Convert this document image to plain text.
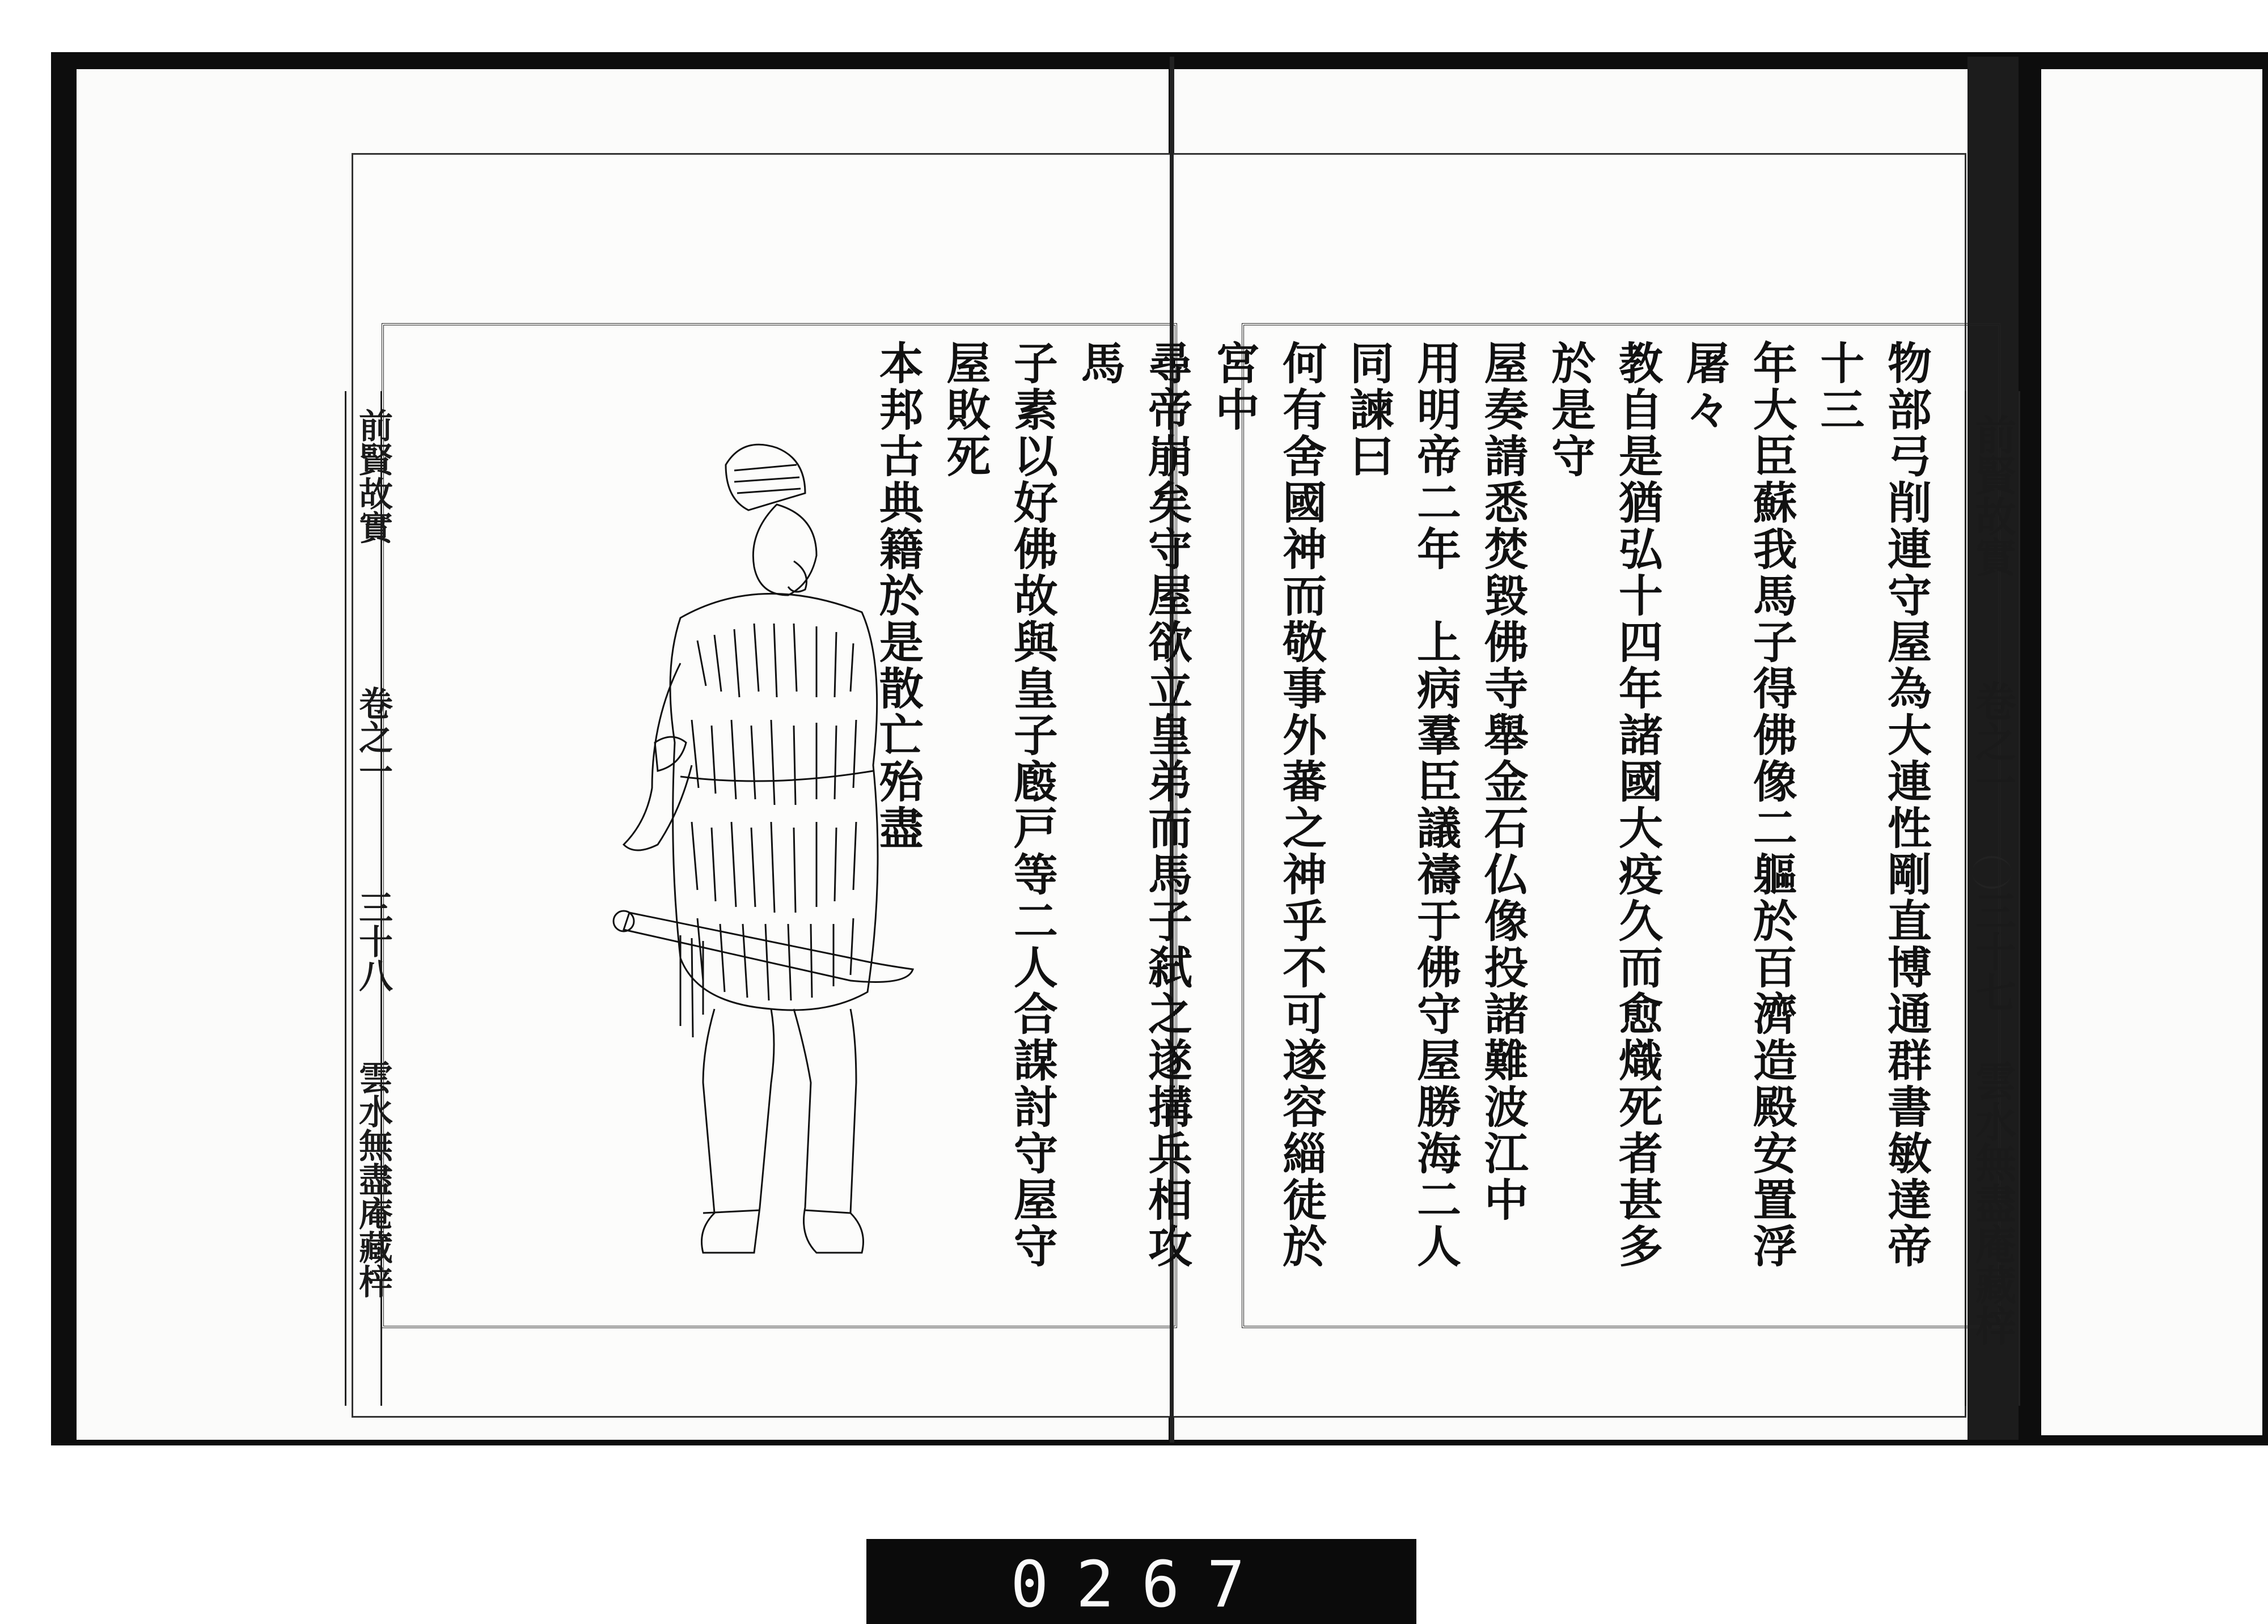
前賢故實
卷之一
三十八
雲水無盡庵藏梓	物部弓削連守屋為大連性剛直博通群書敏達帝十三
年大臣蘇我馬子得佛像二軀於百濟造殿安置浮屠々
教自是猶弘十四年諸國大疫久而愈熾死者甚多於是守
屋奏請悉焚毀佛寺舉金石仏像投諸難波江中
用明帝二年　上病羣臣議禱于佛守屋勝海二人同諫曰
何有舍國神而敬事外蕃之神乎不可遂容緇徒於宮中
尋帝崩矣守屋欲立皇弟而馬子弑之遂搆兵相攻馬
子素以好佛故與皇子廏戸等二人合謀討守屋守屋敗死
本邦古典籍於是散亡殆盡	前賢故實
卷之一
三十七
雲水無盡庵藏梓
0267
